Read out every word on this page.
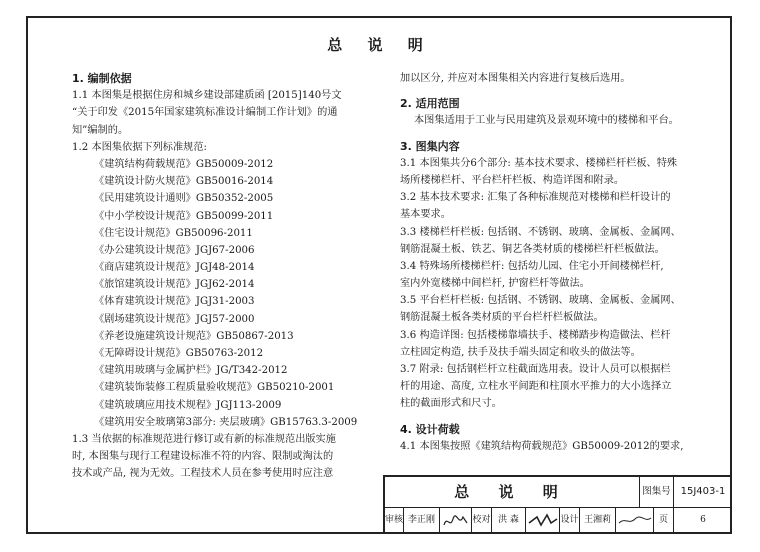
总 说 明
1. 编制依据
1.1 本图集是根据住房和城乡建设部建质函 [2015]140号文
“关于印发《2015年国家建筑标准设计编制工作计划》的通
知”编制的。
1.2 本图集依据下列标准规范:
《建筑结构荷载规范》GB50009-2012
《建筑设计防火规范》GB50016-2014
《民用建筑设计通则》GB50352-2005
《中小学校设计规范》GB50099-2011
《住宅设计规范》GB50096-2011
《办公建筑设计规范》JGJ67-2006
《商店建筑设计规范》JGJ48-2014
《旅馆建筑设计规范》JGJ62-2014
《体育建筑设计规范》JGJ31-2003
《剧场建筑设计规范》JGJ57-2000
《养老设施建筑设计规范》GB50867-2013
《无障碍设计规范》GB50763-2012
《建筑用玻璃与金属护栏》JG/T342-2012
《建筑装饰装修工程质量验收规范》GB50210-2001
《建筑玻璃应用技术规程》JGJ113-2009
《建筑用安全玻璃第3部分: 夹层玻璃》GB15763.3-2009
1.3 当依据的标准规范进行修订或有新的标准规范出版实施
时, 本图集与现行工程建设标准不符的内容、限制或淘汰的
技术或产品, 视为无效。工程技术人员在参考使用时应注意
加以区分, 并应对本图集相关内容进行复核后选用。
2. 适用范围
本图集适用于工业与民用建筑及景观环境中的楼梯和平台。
3. 图集内容
3.1 本图集共分6个部分: 基本技术要求、楼梯栏杆栏板、特殊
场所楼梯栏杆、平台栏杆栏板、构造详图和附录。
3.2 基本技术要求: 汇集了各种标准规范对楼梯和栏杆设计的
基本要求。
3.3 楼梯栏杆栏板: 包括钢、不锈钢、玻璃、金属板、金属网、
钢筋混凝土板、铁艺、铜艺各类材质的楼梯栏杆栏板做法。
3.4 特殊场所楼梯栏杆: 包括幼儿园、住宅小开间楼梯栏杆,
室内外宽楼梯中间栏杆, 护窗栏杆等做法。
3.5 平台栏杆栏板: 包括钢、不锈钢、玻璃、金属板、金属网、
钢筋混凝土板各类材质的平台栏杆栏板做法。
3.6 构造详图: 包括楼梯靠墙扶手、楼梯踏步构造做法、栏杆
立柱固定构造, 扶手及扶手端头固定和收头的做法等。
3.7 附录: 包括钢栏杆立柱截面选用表。设计人员可以根据栏
杆的用途、高度, 立柱水平间距和柱顶水平推力的大小选择立
柱的截面形式和尺寸。
4. 设计荷载
4.1 本图集按照《建筑结构荷载规范》GB50009-2012的要求,
总 说 明	图集号 15J403-1
审核 李正刚	校对 洪 森	设计 王湘莉	页	6
